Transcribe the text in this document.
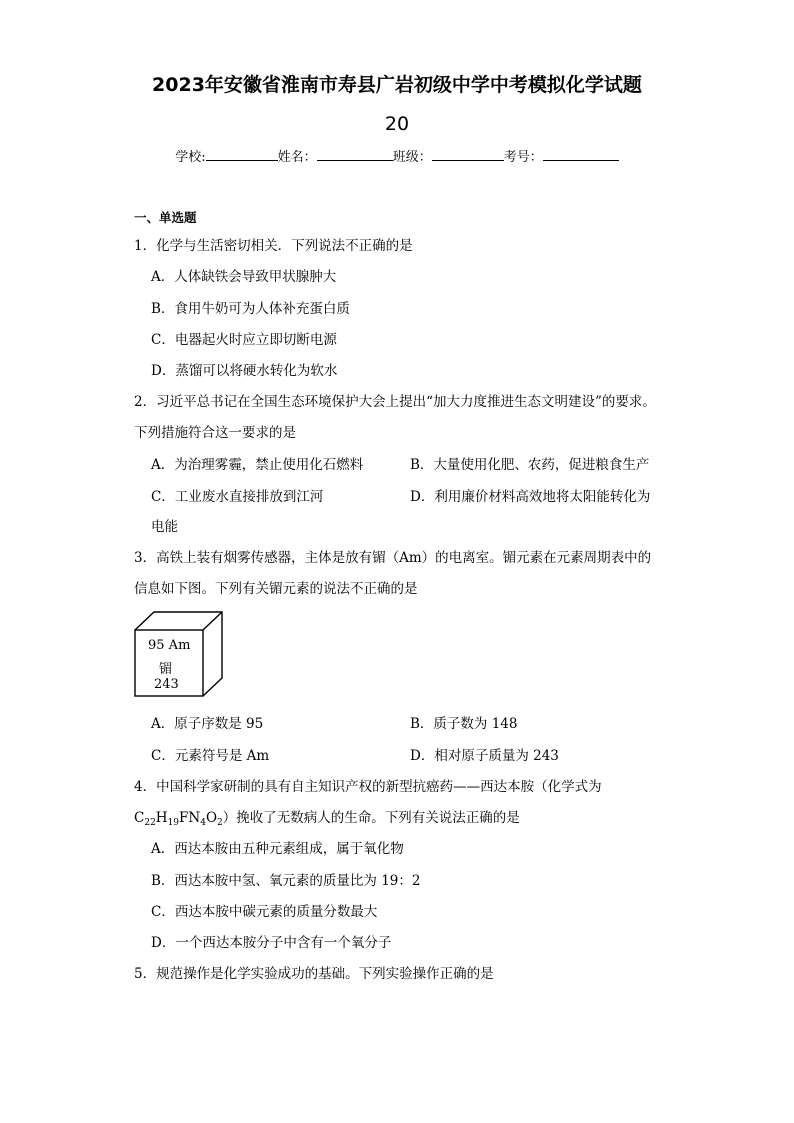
2023年安徽省淮南市寿县广岩初级中学中考模拟化学试题
20
学校:	姓名：	班级：	考号：
一、单选题
1．化学与生活密切相关．下列说法不正确的是
A．人体缺铁会导致甲状腺肿大
B．食用牛奶可为人体补充蛋白质
C．电器起火时应立即切断电源
D．蒸馏可以将硬水转化为软水
2．习近平总书记在全国生态环境保护大会上提出“加大力度推进生态文明建设”的要求。
下列措施符合这一要求的是
A．为治理雾霾，禁止使用化石燃料	B．大量使用化肥、农药，促进粮食生产
C．工业废水直接排放到江河	D．利用廉价材料高效地将太阳能转化为
电能
3．高铁上装有烟雾传感器，主体是放有镅（Am）的电离室。镅元素在元素周期表中的
信息如下图。下列有关镅元素的说法不正确的是
95 Am
镅
243
A．原子序数是 95	B．质子数为 148
C．元素符号是 Am	D．相对原子质量为 243
4．中国科学家研制的具有自主知识产权的新型抗癌药——西达本胺（化学式为
$C_{22}H_{19}FN_4O_2$）挽收了无数病人的生命。下列有关说法正确的是
A．西达本胺由五种元素组成，属于氧化物
B．西达本胺中氢、氧元素的质量比为 19：2
C．西达本胺中碳元素的质量分数最大
D．一个西达本胺分子中含有一个氧分子
5．规范操作是化学实验成功的基础。下列实验操作正确的是
